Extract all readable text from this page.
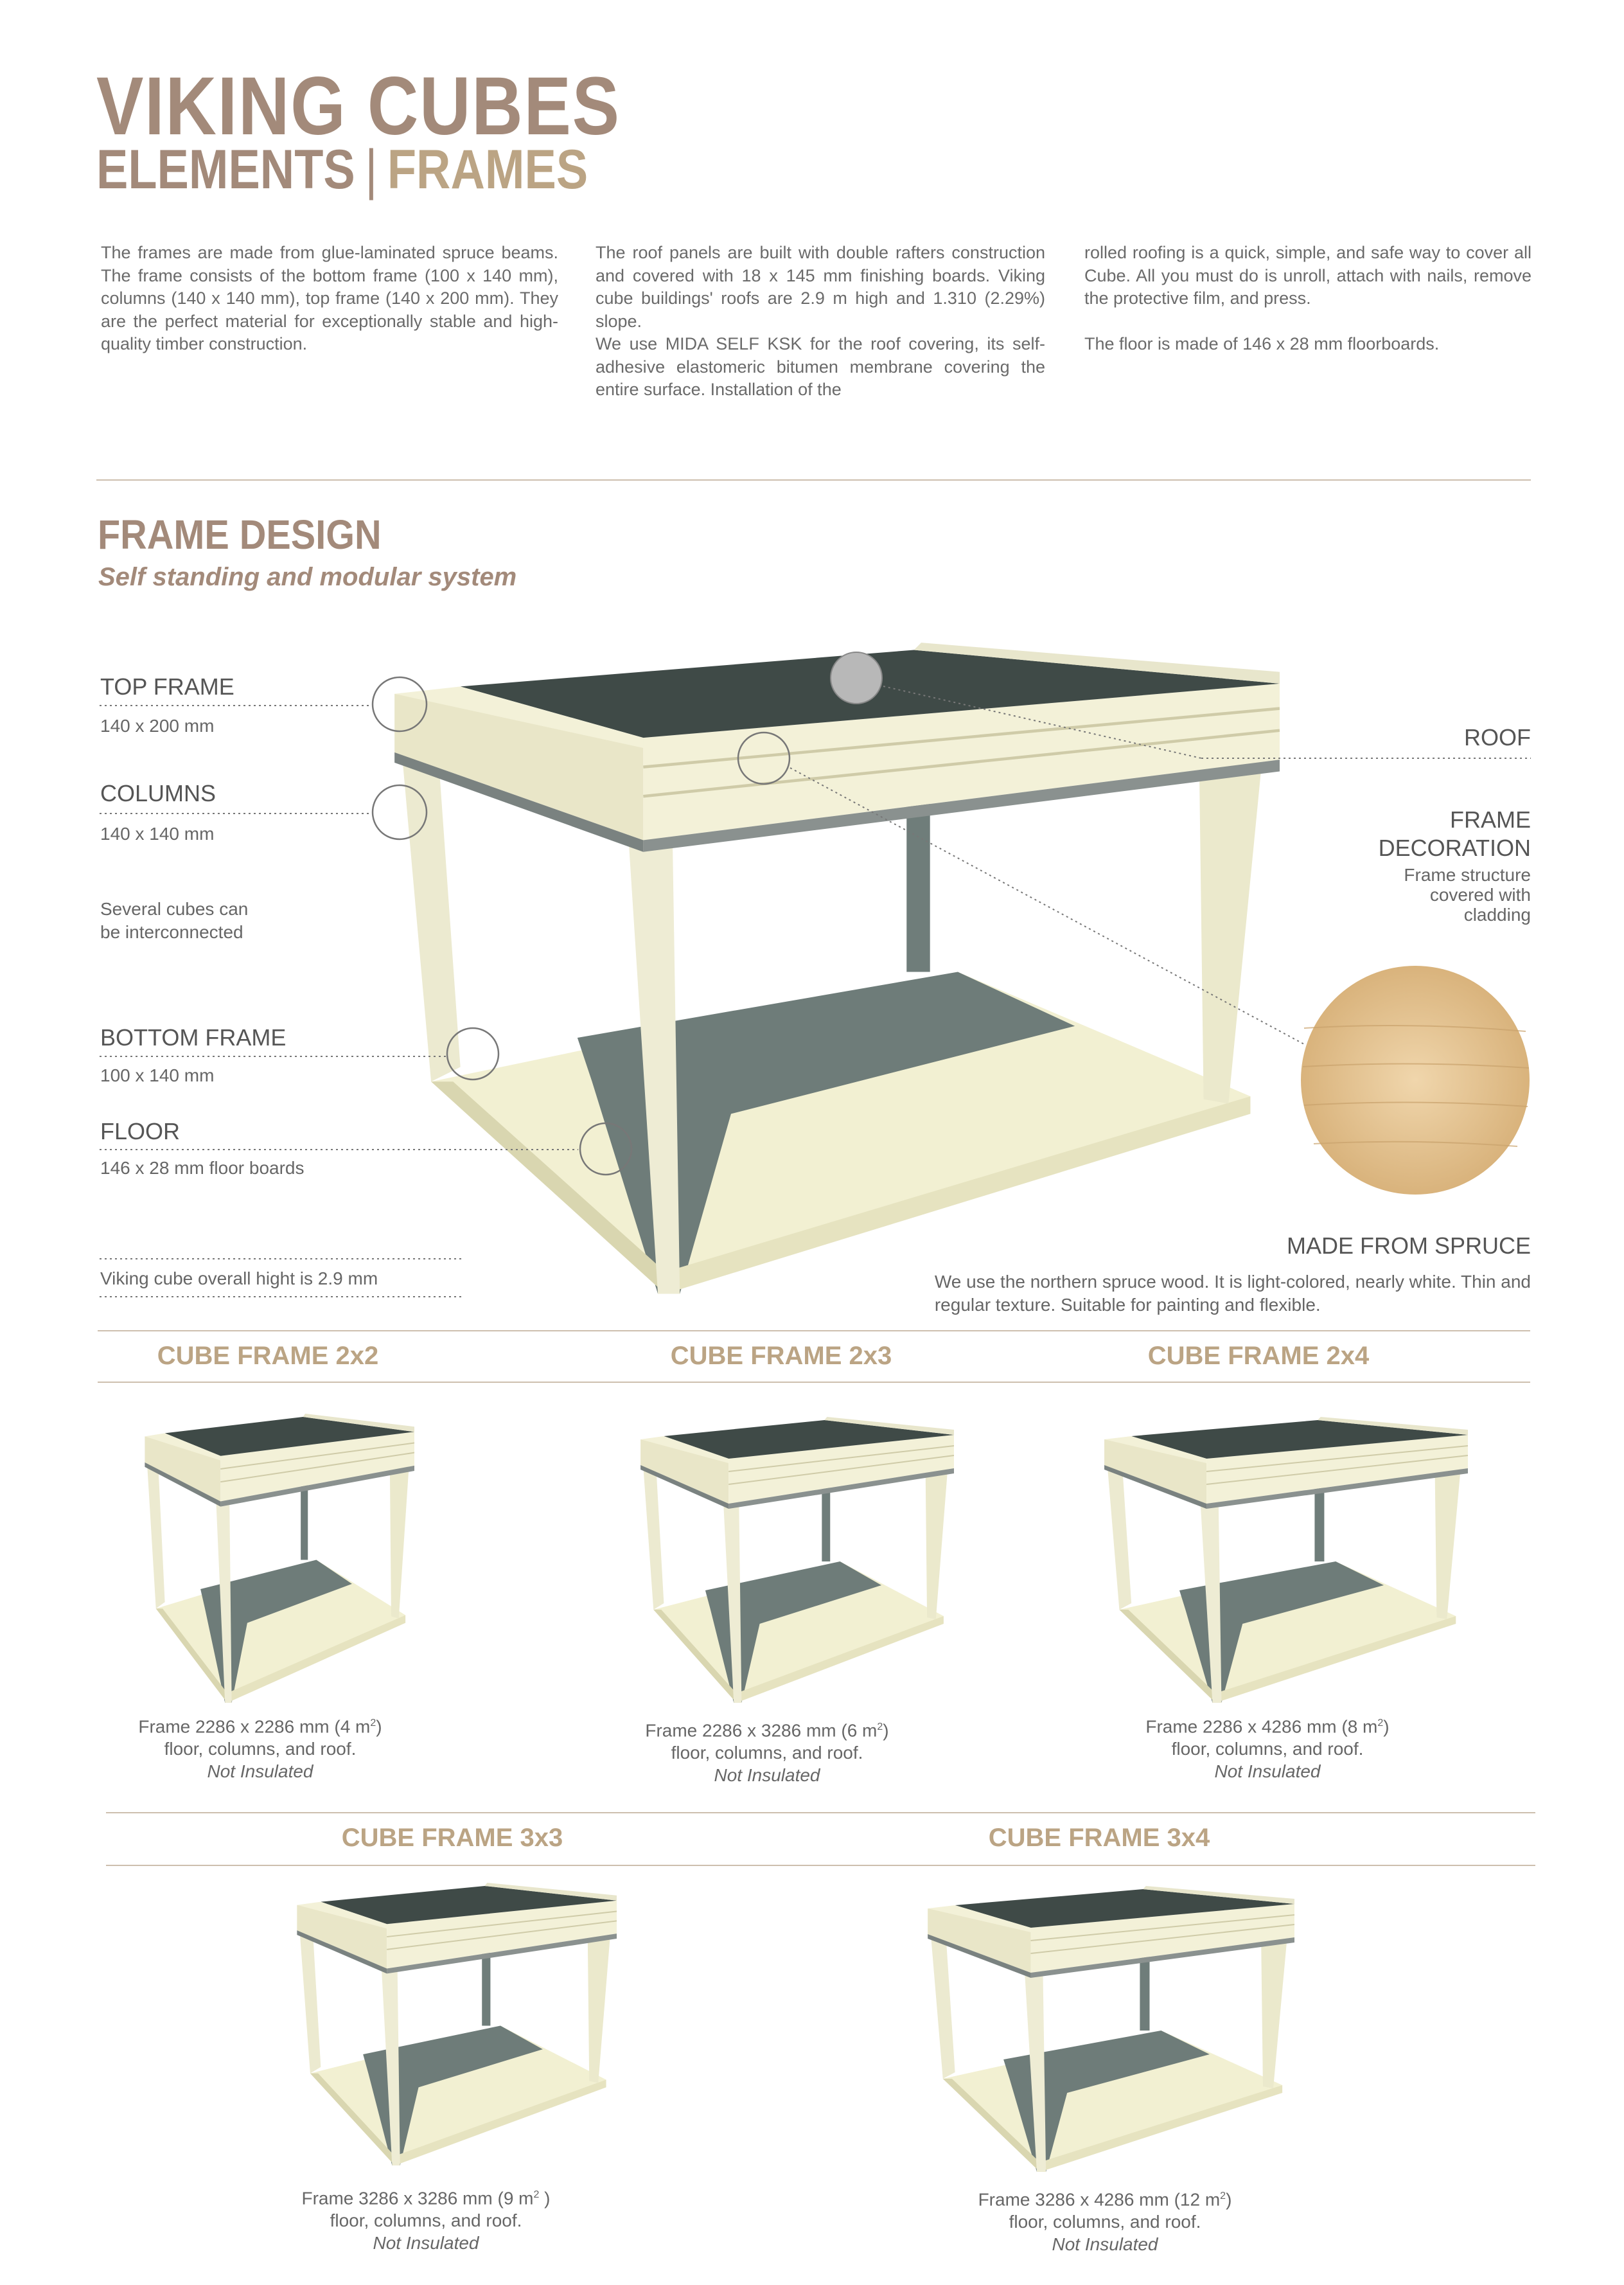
VIKING CUBES
ELEMENTS | FRAMES

The frames are made from glue-laminated spruce beams. The frame consists of the bottom frame (100 x 140 mm), columns (140 x 140 mm), top frame (140 x 200 mm). They are the perfect material for exceptionally stable and high-quality timber construction.

The roof panels are built with double rafters construction and covered with 18 x 145 mm finishing boards. Viking cube buildings' roofs are 2.9 m high and 1.310 (2.29%) slope.

We use MIDA SELF KSK for the roof covering, its self-adhesive elastomeric bitumen membrane covering the entire surface. Installation of the

rolled roofing is a quick, simple, and safe way to cover all Cube. All you must do is unroll, attach with nails, remove the protective film, and press.

The floor is made of 146 x 28 mm floorboards.

FRAME DESIGN
Self standing and modular system
TOP FRAME
140 x 200 mm
COLUMNS
140 x 140 mm
Several cubes can
be interconnected
BOTTOM FRAME
100 x 140 mm
FLOOR
146 x 28 mm floor boards
Viking cube overall hight is 2.9 mm
ROOF
FRAME
DECORATION
Frame structure
covered with
cladding
MADE FROM SPRUCE
We use the northern spruce wood. It is light-colored, nearly white. Thin and
regular texture. Suitable for painting and flexible.
CUBE FRAME 2x2	CUBE FRAME 2x3	CUBE FRAME 2x4
CUBE FRAME 3x3	CUBE FRAME 3x4
Frame 2286 x 2286 mm (4 $m^2$)
floor, columns, and roof.
Not Insulated
Frame 2286 x 3286 mm (6 $m^2$)
floor, columns, and roof.
Not Insulated
Frame 2286 x 4286 mm (8 $m^2$)
floor, columns, and roof.
Not Insulated
Frame 3286 x 3286 mm (9 $m^2$ )
floor, columns, and roof.
Not Insulated
Frame 3286 x 4286 mm (12 $m^2$)
floor, columns, and roof.
Not Insulated
